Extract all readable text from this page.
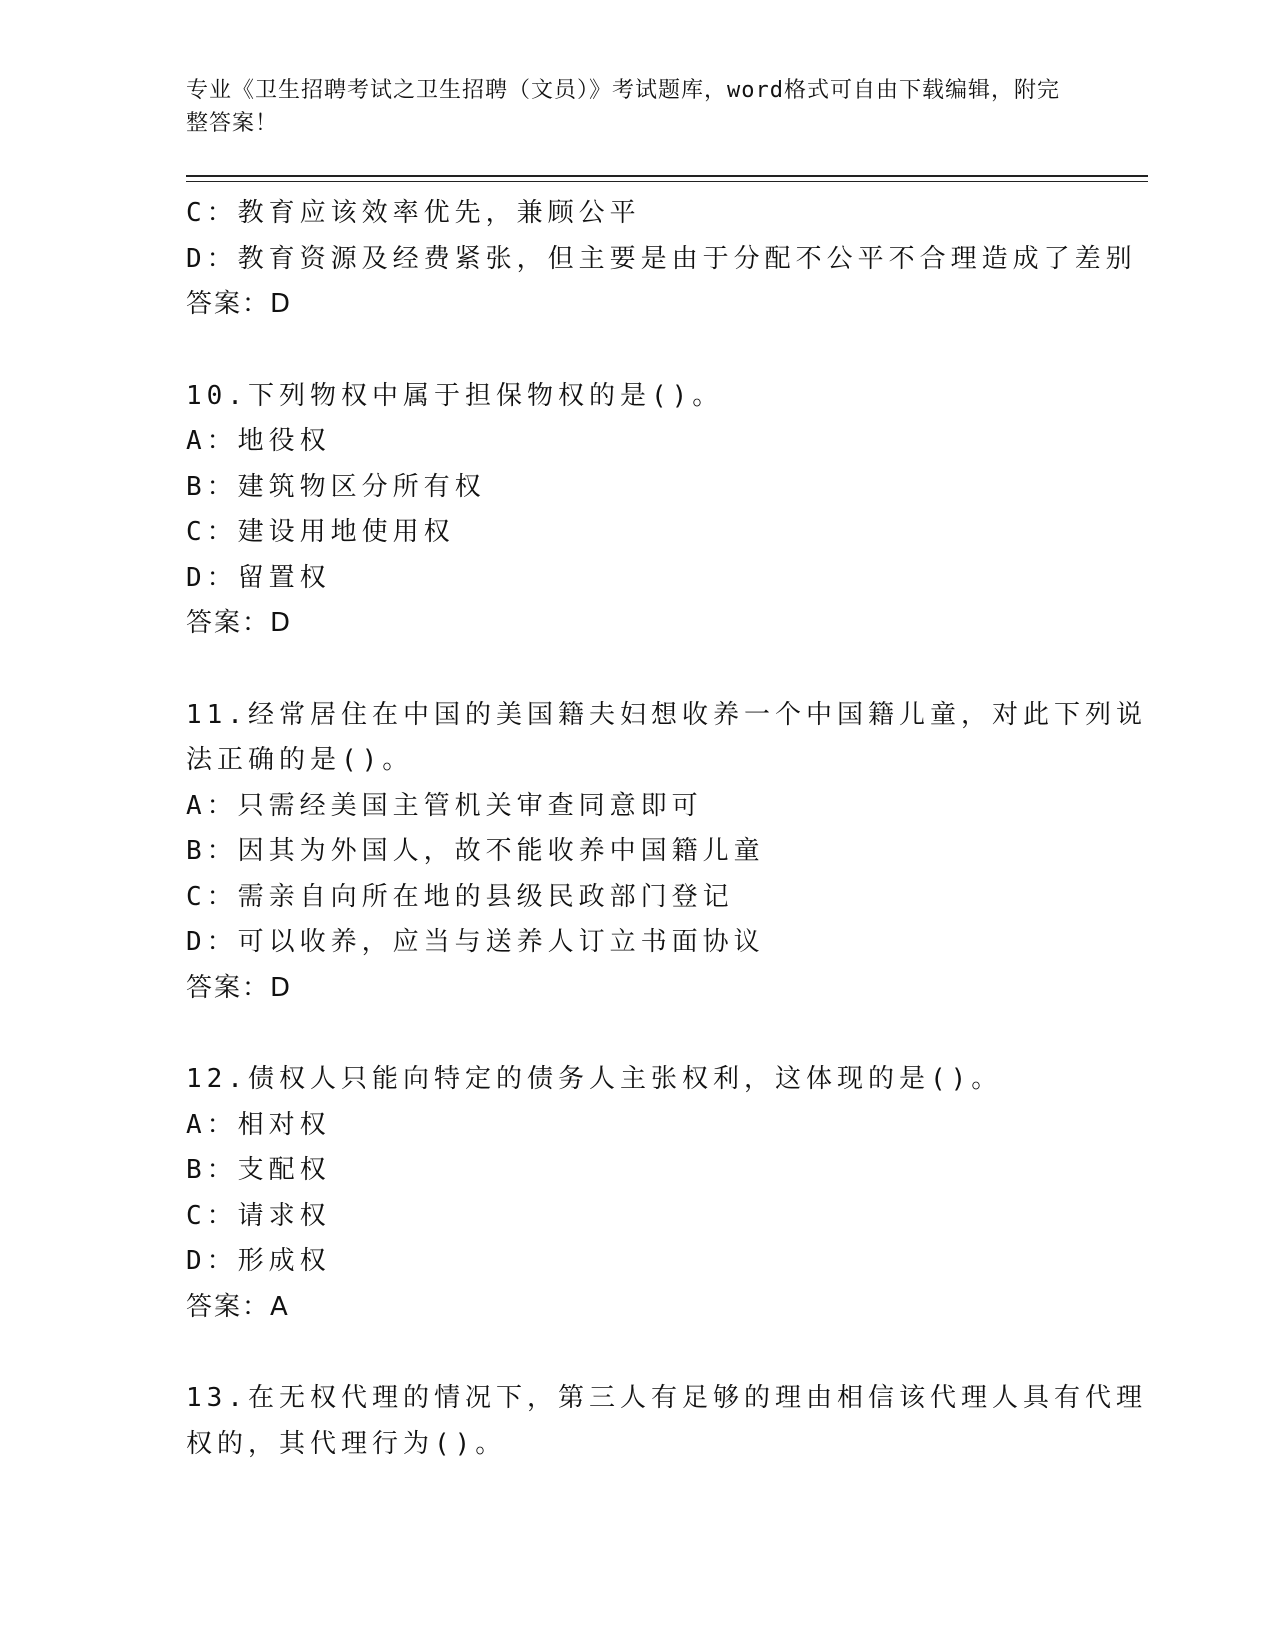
专业《卫生招聘考试之卫生招聘（文员）》考试题库，word格式可自由下载编辑，附完整答案！
C：教育应该效率优先，兼顾公平
D：教育资源及经费紧张，但主要是由于分配不公平不合理造成了差别
答案：D
10.下列物权中属于担保物权的是()。
A：地役权
B：建筑物区分所有权
C：建设用地使用权
D：留置权
答案：D
11.经常居住在中国的美国籍夫妇想收养一个中国籍儿童，对此下列说
法正确的是()。
A：只需经美国主管机关审查同意即可
B：因其为外国人，故不能收养中国籍儿童
C：需亲自向所在地的县级民政部门登记
D：可以收养，应当与送养人订立书面协议
答案：D
12.债权人只能向特定的债务人主张权利，这体现的是()。
A：相对权
B：支配权
C：请求权
D：形成权
答案：A
13.在无权代理的情况下，第三人有足够的理由相信该代理人具有代理
权的，其代理行为()。
